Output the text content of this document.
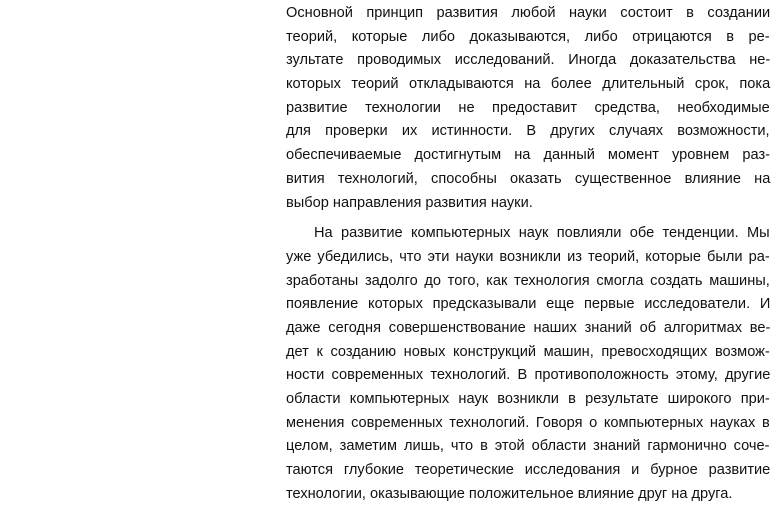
Основной принцип развития любой науки состоит в создании
теорий, которые либо доказываются, либо отрицаются в ре-
зультате проводимых исследований. Иногда доказательства не-
которых теорий откладываются на более длительный срок, пока
развитие технологии не предоставит средства, необходимые
для проверки их истинности. В других случаях возможности,
обеспечиваемые достигнутым на данный момент уровнем раз-
вития технологий, способны оказать существенное влияние на
выбор направления развития науки.
На развитие компьютерных наук повлияли обе тенденции. Мы
уже убедились, что эти науки возникли из теорий, которые были ра-
зработаны задолго до того, как технология смогла создать машины,
появление которых предсказывали еще первые исследователи. И
даже сегодня совершенствование наших знаний об алгоритмах ве-
дет к созданию новых конструкций машин, превосходящих возмож-
ности современных технологий. В противоположность этому, другие
области компьютерных наук возникли в результате широкого при-
менения современных технологий. Говоря о компьютерных науках в
целом, заметим лишь, что в этой области знаний гармонично соче-
таются глубокие теоретические исследования и бурное развитие
технологии, оказывающие положительное влияние друг на друга.
